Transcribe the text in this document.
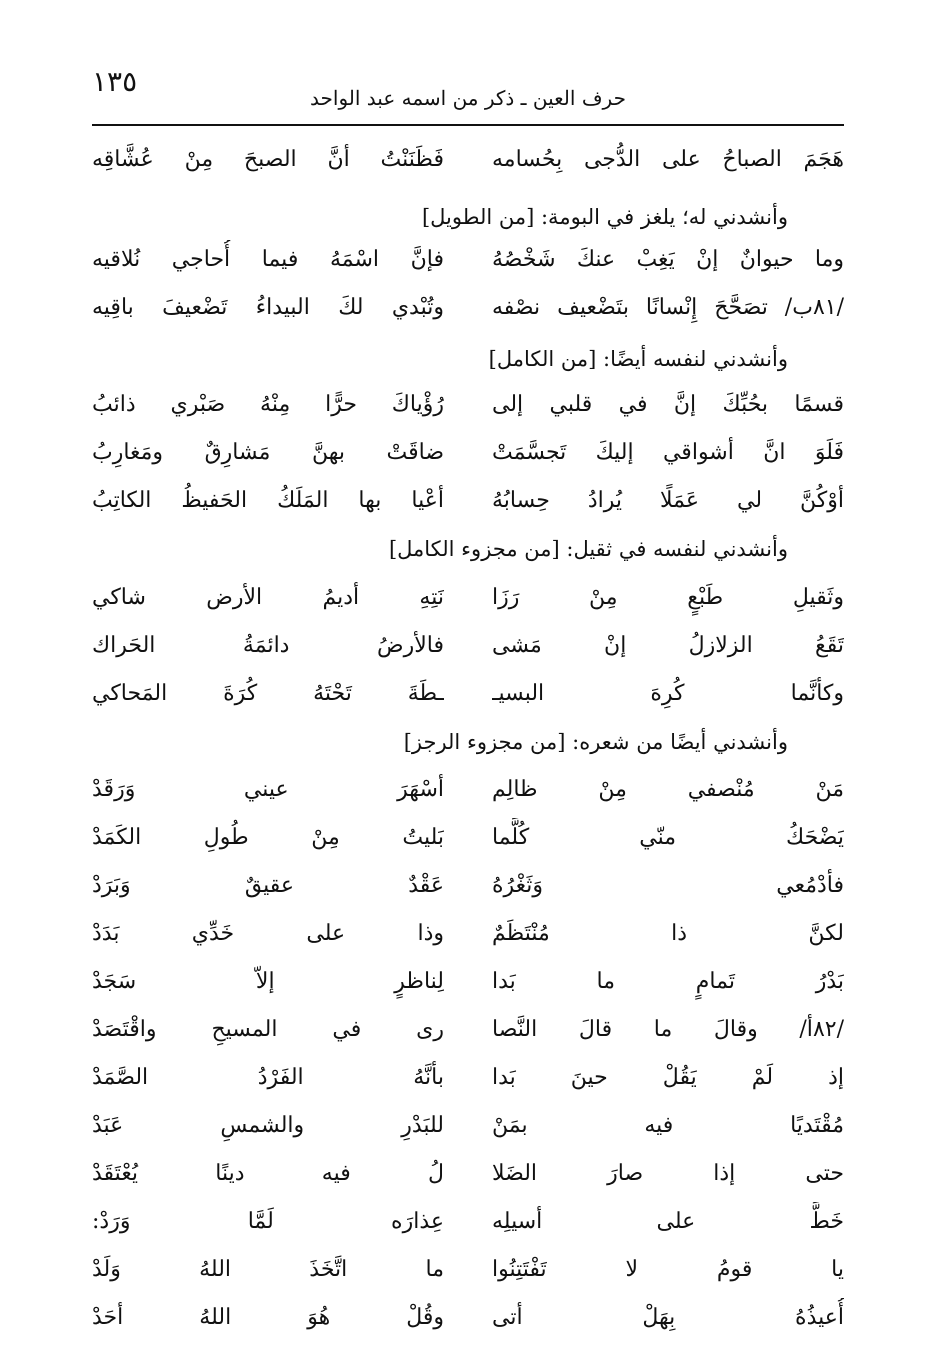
١٣٥	حرف العين ـ ذكر من اسمه عبد الواحد
هَجَمَ الصباحُ على الدُّجى بِحُسامه
فَظَنَنْتُ أنَّ الصبحَ مِنْ عُشَّاقِه
وأنشدني له؛ يلغز في البومة: [من الطويل]
وما حيوانٌ إنْ يَغِبْ عنكَ شَخْصُهُ
فإنَّ اسْمَهُ فيما أُحاجي نُلاقيه
/٨١ب/ تصَحَّحَ إِنْسانًا بتَضْعيف نصْفه
وتُبْدي لكَ البيداءُ تَضْعيفَ باقِيه
وأنشدني لنفسه أيضًا: [من الكامل]
قسمًا بحُبِّكَ إنَّ في قلبي إلى
رُؤْياكَ حرًّا مِنْهُ صَبْري ذائبُ
فَلَوَ انَّ أشواقي إليكَ تَجسَّمَتْ
ضاقَتْ بهنَّ مَشارِقٌ ومَغارِبُ
أوْكُنَّ لي عَمَلًا يُرادُ حِسابُهُ
أعْيا بها المَلَكُ الحَفيظُ الكاتِبُ
وأنشدني لنفسه في ثقيل: [من مجزوء الكامل]
وثَقيلِ طَبْعٍ مِنْ رَزَا
نَتِهِ أديمُ الأرض شاكي
تَقَعُ الزلازلُ إنْ مَشى
فالأرضُ دائمَةُ الحَراك
وكأنَّما كُرِهَ البسيـ
ـطَةَ تَحْتَهُ كُرَةَ المَحاكي
وأنشدني أيضًا من شعره: [من مجزوء الرجز]
مَنْ مُنْصفي مِنْ ظالِم
أسْهَرَ عيني وَرَقَدْ
يَضْحَكُ منّي كُلَّما
بَليتُ مِنْ طُولِ الكَمَدْ
فأدْمُعي وَثَغْرُهُ
عَقْدٌ عقيقٌ وَبَرَدْ
لكنَّ ذا مُنْتَظَمٌ
وذا على خَدِّي بَدَدْ
بَدْرُ تَمامٍ ما بَدا
لِناظرٍ إلاّ سَجَدْ
/٨٢أ/ وقالَ ما قالَ النَّصا
رى في المسيحِ واقْتَصَدْ
إذ لَمْ يَقُلْ حينَ بَدا
بأنَّهُ الفَرْدُ الصَّمَدْ
مُقْتَديًا فيه بمَنْ
للبَدْرِ والشمسِ عَبَدْ
حتى إذا صارَ الضَلا
لُ فيه دينًا يُعْتَقَدْ
خَطَّ على أسيلِه
عِذارَه لَمَّا وَرَدْ:
يا قومُ لا تَفْتَتِنُوا
ما اتَّخَذَ اللهُ وَلَدْ
أُعيذُهُ بِهَلْ أتى
وقُلْ هُوَ اللهُ أحَدْ
